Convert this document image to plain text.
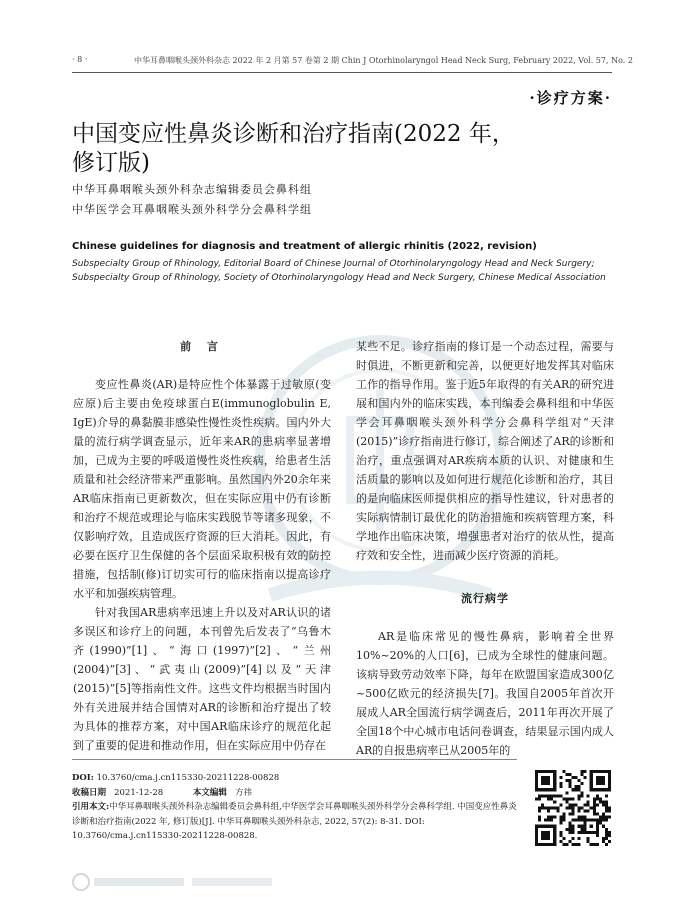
· 8 ·	中华耳鼻咽喉头颈外科杂志 2022 年 2 月第 57 卷第 2 期 Chin J Otorhinolaryngol Head Neck Surg, February 2022, Vol. 57, No. 2
·诊疗方案·
中国变应性鼻炎诊断和治疗指南(2022 年，修订版)
中华耳鼻咽喉头颈外科杂志编辑委员会鼻科组
中华医学会耳鼻咽喉头颈外科学分会鼻科学组
Chinese guidelines for diagnosis and treatment of allergic rhinitis (2022, revision)
Subspecialty Group of Rhinology, Editorial Board of Chinese Journal of Otorhinolaryngology Head and Neck Surgery; Subspecialty Group of Rhinology, Society of Otorhinolaryngology Head and Neck Surgery, Chinese Medical Association
前 言

变应性鼻炎(AR)是特应性个体暴露于过敏原(变应原)后主要由免疫球蛋白E(immunoglobulin E, IgE)介导的鼻黏膜非感染性慢性炎性疾病。国内外大量的流行病学调查显示，近年来AR的患病率显著增加，已成为主要的呼吸道慢性炎性疾病，给患者生活质量和社会经济带来严重影响。虽然国内外20余年来AR临床指南已更新数次，但在实际应用中仍有诊断和治疗不规范或理论与临床实践脱节等诸多现象，不仅影响疗效，且造成医疗资源的巨大消耗。因此，有必要在医疗卫生保健的各个层面采取积极有效的防控措施，包括制(修)订切实可行的临床指南以提高诊疗水平和加强疾病管理。

针对我国AR患病率迅速上升以及对AR认识的诸多误区和诊疗上的问题，本刊曾先后发表了“乌鲁木齐(1990)”[1]、“海口(1997)”[2]、“兰州(2004)”[3]、“武夷山(2009)”[4]以及“天津(2015)”[5]等指南性文件。这些文件均根据当时国内外有关进展并结合国情对AR的诊断和治疗提出了较为具体的推荐方案，对中国AR临床诊疗的规范化起到了重要的促进和推动作用，但在实际应用中仍存在

某些不足。诊疗指南的修订是一个动态过程，需要与时俱进，不断更新和完善，以便更好地发挥其对临床工作的指导作用。鉴于近5年取得的有关AR的研究进展和国内外的临床实践，本刊编委会鼻科组和中华医学会耳鼻咽喉头颈外科学分会鼻科学组对“天津(2015)”诊疗指南进行修订，综合阐述了AR的诊断和治疗，重点强调对AR疾病本质的认识、对健康和生活质量的影响以及如何进行规范化诊断和治疗，其目的是向临床医师提供相应的指导性建议，针对患者的实际病情制订最优化的防治措施和疾病管理方案，科学地作出临床决策，增强患者对治疗的依从性，提高疗效和安全性，进而减少医疗资源的消耗。

流行病学

AR是临床常见的慢性鼻病，影响着全世界10%~20%的人口[6]，已成为全球性的健康问题。该病导致劳动效率下降，每年在欧盟国家造成300亿~500亿欧元的经济损失[7]。我国自2005年首次开展成人AR全国流行病学调查后，2011年再次开展了全国18个中心城市电话问卷调查，结果显示国内成人AR的自报患病率已从2005年的

DOI: 10.3760/cma.j.cn115330-20211228-00828
收稿日期 2021-12-28	本文编辑 方祎
引用本文:中华耳鼻咽喉头颈外科杂志编辑委员会鼻科组,中华医学会耳鼻咽喉头颈外科学分会鼻科学组. 中国变应性鼻炎诊断和治疗指南(2022 年, 修订版)[J]. 中华耳鼻咽喉头颈外科杂志, 2022, 57(2): 8-31. DOI: 10.3760/cma.j.cn115330-20211228-00828.
